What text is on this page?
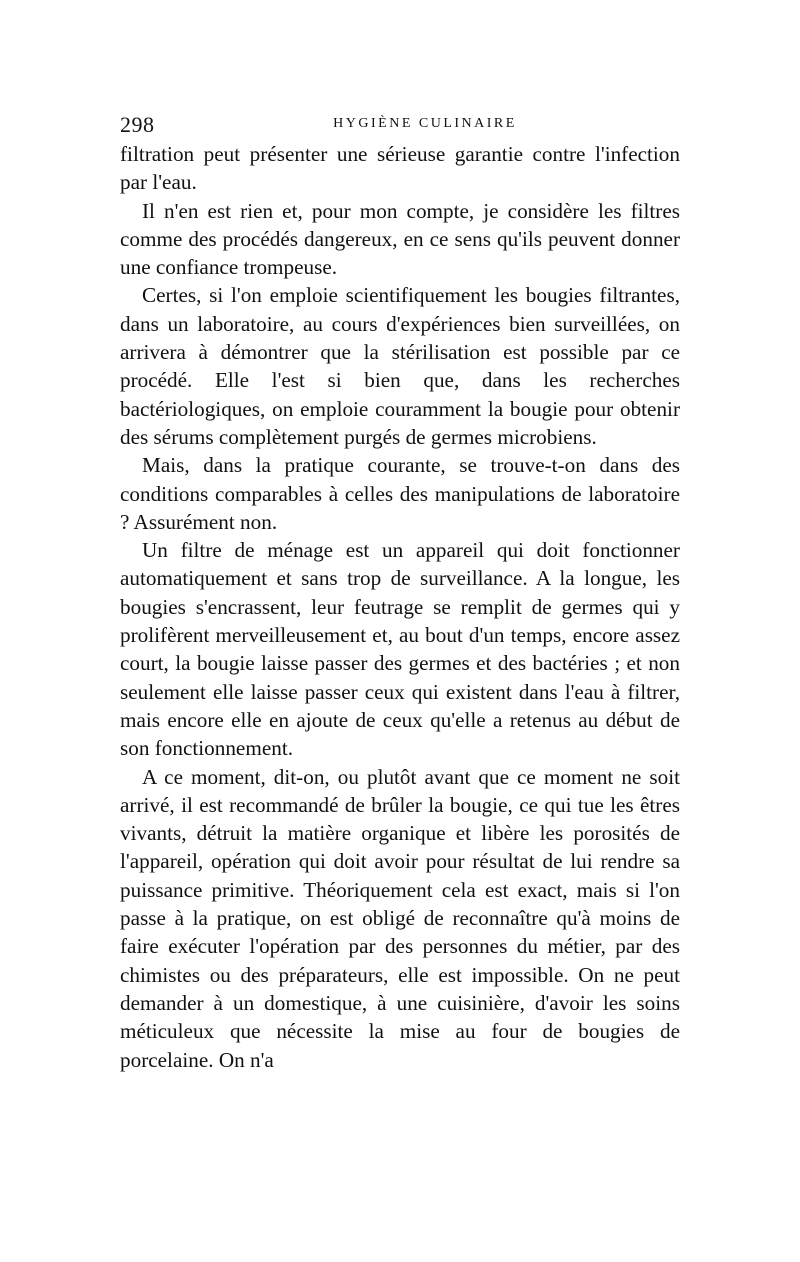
298	HYGIÈNE CULINAIRE

filtration peut présenter une sérieuse garantie contre l'infection par l'eau.

Il n'en est rien et, pour mon compte, je considère les filtres comme des procédés dangereux, en ce sens qu'ils peuvent donner une confiance trompeuse.

Certes, si l'on emploie scientifiquement les bougies filtrantes, dans un laboratoire, au cours d'expériences bien surveillées, on arrivera à démontrer que la stérilisation est possible par ce procédé. Elle l'est si bien que, dans les recherches bactériologiques, on emploie couramment la bougie pour obtenir des sérums complètement purgés de germes microbiens.

Mais, dans la pratique courante, se trouve-t-on dans des conditions comparables à celles des manipulations de laboratoire ? Assurément non.

Un filtre de ménage est un appareil qui doit fonctionner automatiquement et sans trop de surveillance. A la longue, les bougies s'encrassent, leur feutrage se remplit de germes qui y prolifèrent merveilleusement et, au bout d'un temps, encore assez court, la bougie laisse passer des germes et des bactéries ; et non seulement elle laisse passer ceux qui existent dans l'eau à filtrer, mais encore elle en ajoute de ceux qu'elle a retenus au début de son fonctionnement.

A ce moment, dit-on, ou plutôt avant que ce moment ne soit arrivé, il est recommandé de brûler la bougie, ce qui tue les êtres vivants, détruit la matière organique et libère les porosités de l'appareil, opération qui doit avoir pour résultat de lui rendre sa puissance primitive. Théoriquement cela est exact, mais si l'on passe à la pratique, on est obligé de reconnaître qu'à moins de faire exécuter l'opération par des personnes du métier, par des chimistes ou des préparateurs, elle est impossible. On ne peut demander à un domestique, à une cuisinière, d'avoir les soins méticuleux que nécessite la mise au four de bougies de porcelaine. On n'a
